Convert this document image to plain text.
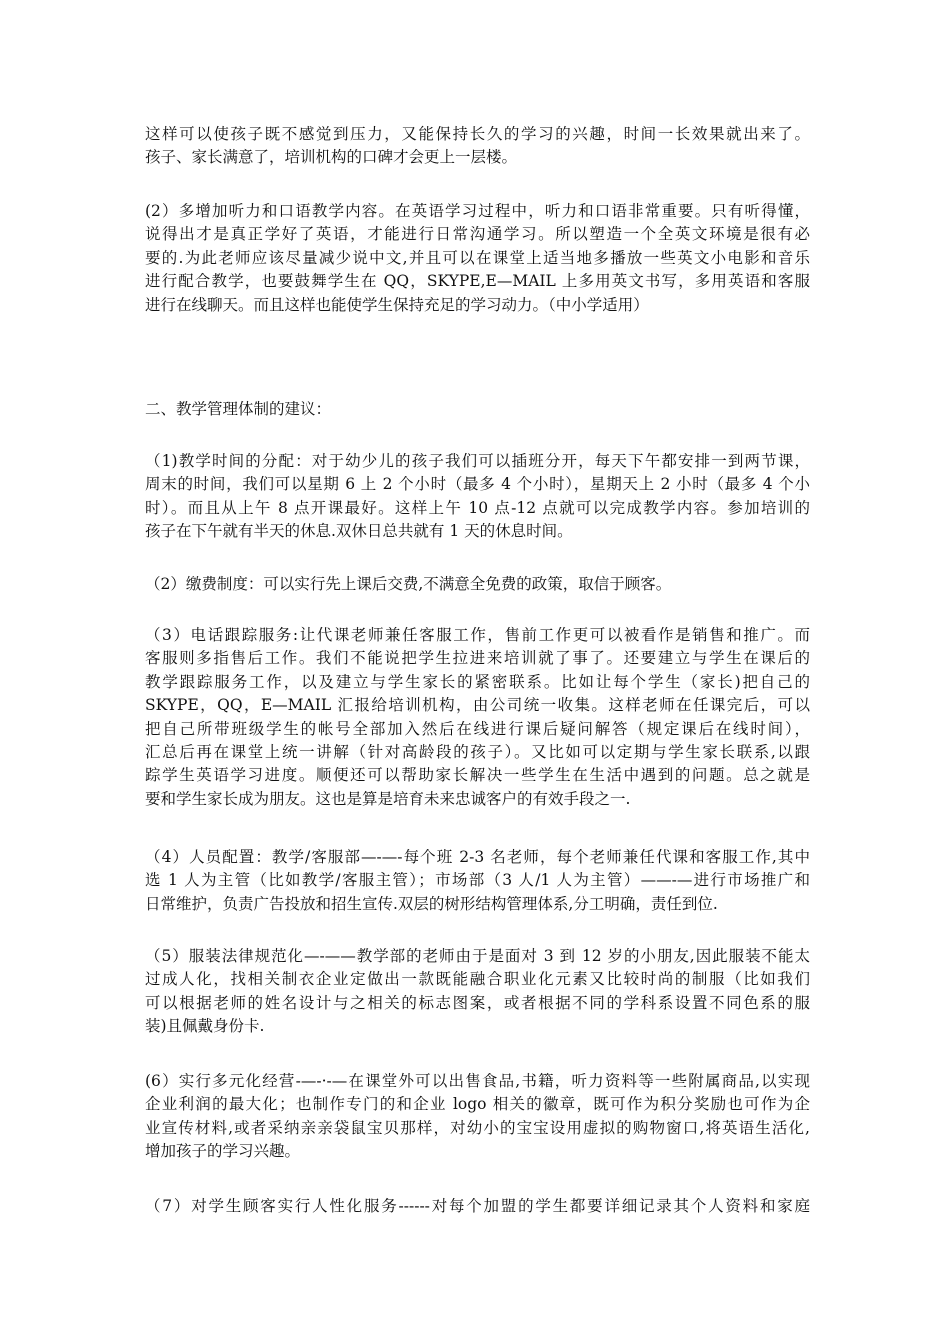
这样可以使孩子既不感觉到压力，又能保持长久的学习的兴趣，时间一长效果就出来了。
孩子、家长满意了，培训机构的口碑才会更上一层楼。

(2）多增加听力和口语教学内容。在英语学习过程中，听力和口语非常重要。只有听得懂，
说得出才是真正学好了英语，才能进行日常沟通学习。所以塑造一个全英文环境是很有必
要的.为此老师应该尽量减少说中文,并且可以在课堂上适当地多播放一些英文小电影和音乐
进行配合教学，也要鼓舞学生在 QQ，SKYPE,E—MAIL 上多用英文书写，多用英语和客服
进行在线聊天。而且这样也能使学生保持充足的学习动力。（中小学适用）

二、教学管理体制的建议：

（1)教学时间的分配：对于幼少儿的孩子我们可以插班分开，每天下午都安排一到两节课，
周末的时间，我们可以星期 6 上 2 个小时（最多 4 个小时），星期天上 2 小时（最多 4 个小
时）。而且从上午 8 点开课最好。这样上午 10 点-12 点就可以完成教学内容。参加培训的
孩子在下午就有半天的休息.双休日总共就有 1 天的休息时间。

（2）缴费制度：可以实行先上课后交费,不满意全免费的政策，取信于顾客。

（3）电话跟踪服务:让代课老师兼任客服工作，售前工作更可以被看作是销售和推广。而
客服则多指售后工作。我们不能说把学生拉进来培训就了事了。还要建立与学生在课后的
教学跟踪服务工作，以及建立与学生家长的紧密联系。比如让每个学生（家长)把自己的
SKYPE，QQ，E—MAIL 汇报给培训机构，由公司统一收集。这样老师在任课完后，可以
把自己所带班级学生的帐号全部加入然后在线进行课后疑问解答（规定课后在线时间），
汇总后再在课堂上统一讲解（针对高龄段的孩子）。又比如可以定期与学生家长联系,以跟
踪学生英语学习进度。顺便还可以帮助家长解决一些学生在生活中遇到的问题。总之就是
要和学生家长成为朋友。这也是算是培育未来忠诚客户的有效手段之一.

（4）人员配置：教学/客服部—-—-每个班 2-3 名老师，每个老师兼任代课和客服工作,其中
选 1 人为主管（比如教学/客服主管）；市场部（3 人/1 人为主管）——-—进行市场推广和
日常维护，负责广告投放和招生宣传.双层的树形结构管理体系,分工明确，责任到位.

（5）服装法律规范化—-——教学部的老师由于是面对 3 到 12 岁的小朋友,因此服装不能太
过成人化，找相关制衣企业定做出一款既能融合职业化元素又比较时尚的制服（比如我们
可以根据老师的姓名设计与之相关的标志图案，或者根据不同的学科系设置不同色系的服
装)且佩戴身份卡.

(6）实行多元化经营-—-·-—在课堂外可以出售食品,书籍，听力资料等一些附属商品,以实现
企业利润的最大化；也制作专门的和企业 logo 相关的徽章，既可作为积分奖励也可作为企
业宣传材料,或者采纳亲亲袋鼠宝贝那样，对幼小的宝宝设用虚拟的购物窗口,将英语生活化,
增加孩子的学习兴趣。

（7）对学生顾客实行人性化服务------对每个加盟的学生都要详细记录其个人资料和家庭
